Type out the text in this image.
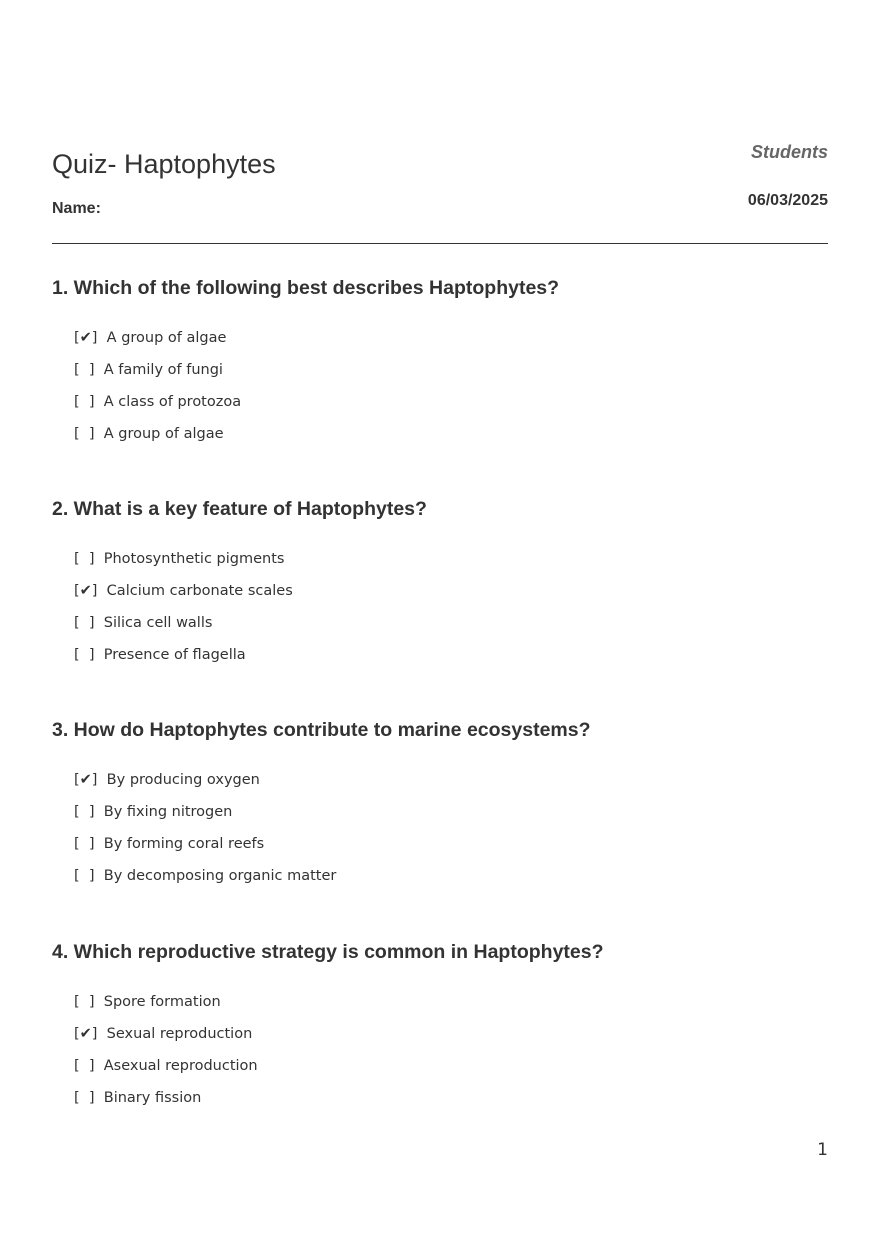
Quiz- Haptophytes	Students
Name:	06/03/2025
1. Which of the following best describes Haptophytes?
[✔]  A group of algae
[  ]  A family of fungi
[  ]  A class of protozoa
[  ]  A group of algae
2. What is a key feature of Haptophytes?
[  ]  Photosynthetic pigments
[✔]  Calcium carbonate scales
[  ]  Silica cell walls
[  ]  Presence of flagella
3. How do Haptophytes contribute to marine ecosystems?
[✔]  By producing oxygen
[  ]  By fixing nitrogen
[  ]  By forming coral reefs
[  ]  By decomposing organic matter
4. Which reproductive strategy is common in Haptophytes?
[  ]  Spore formation
[✔]  Sexual reproduction
[  ]  Asexual reproduction
[  ]  Binary fission
1
